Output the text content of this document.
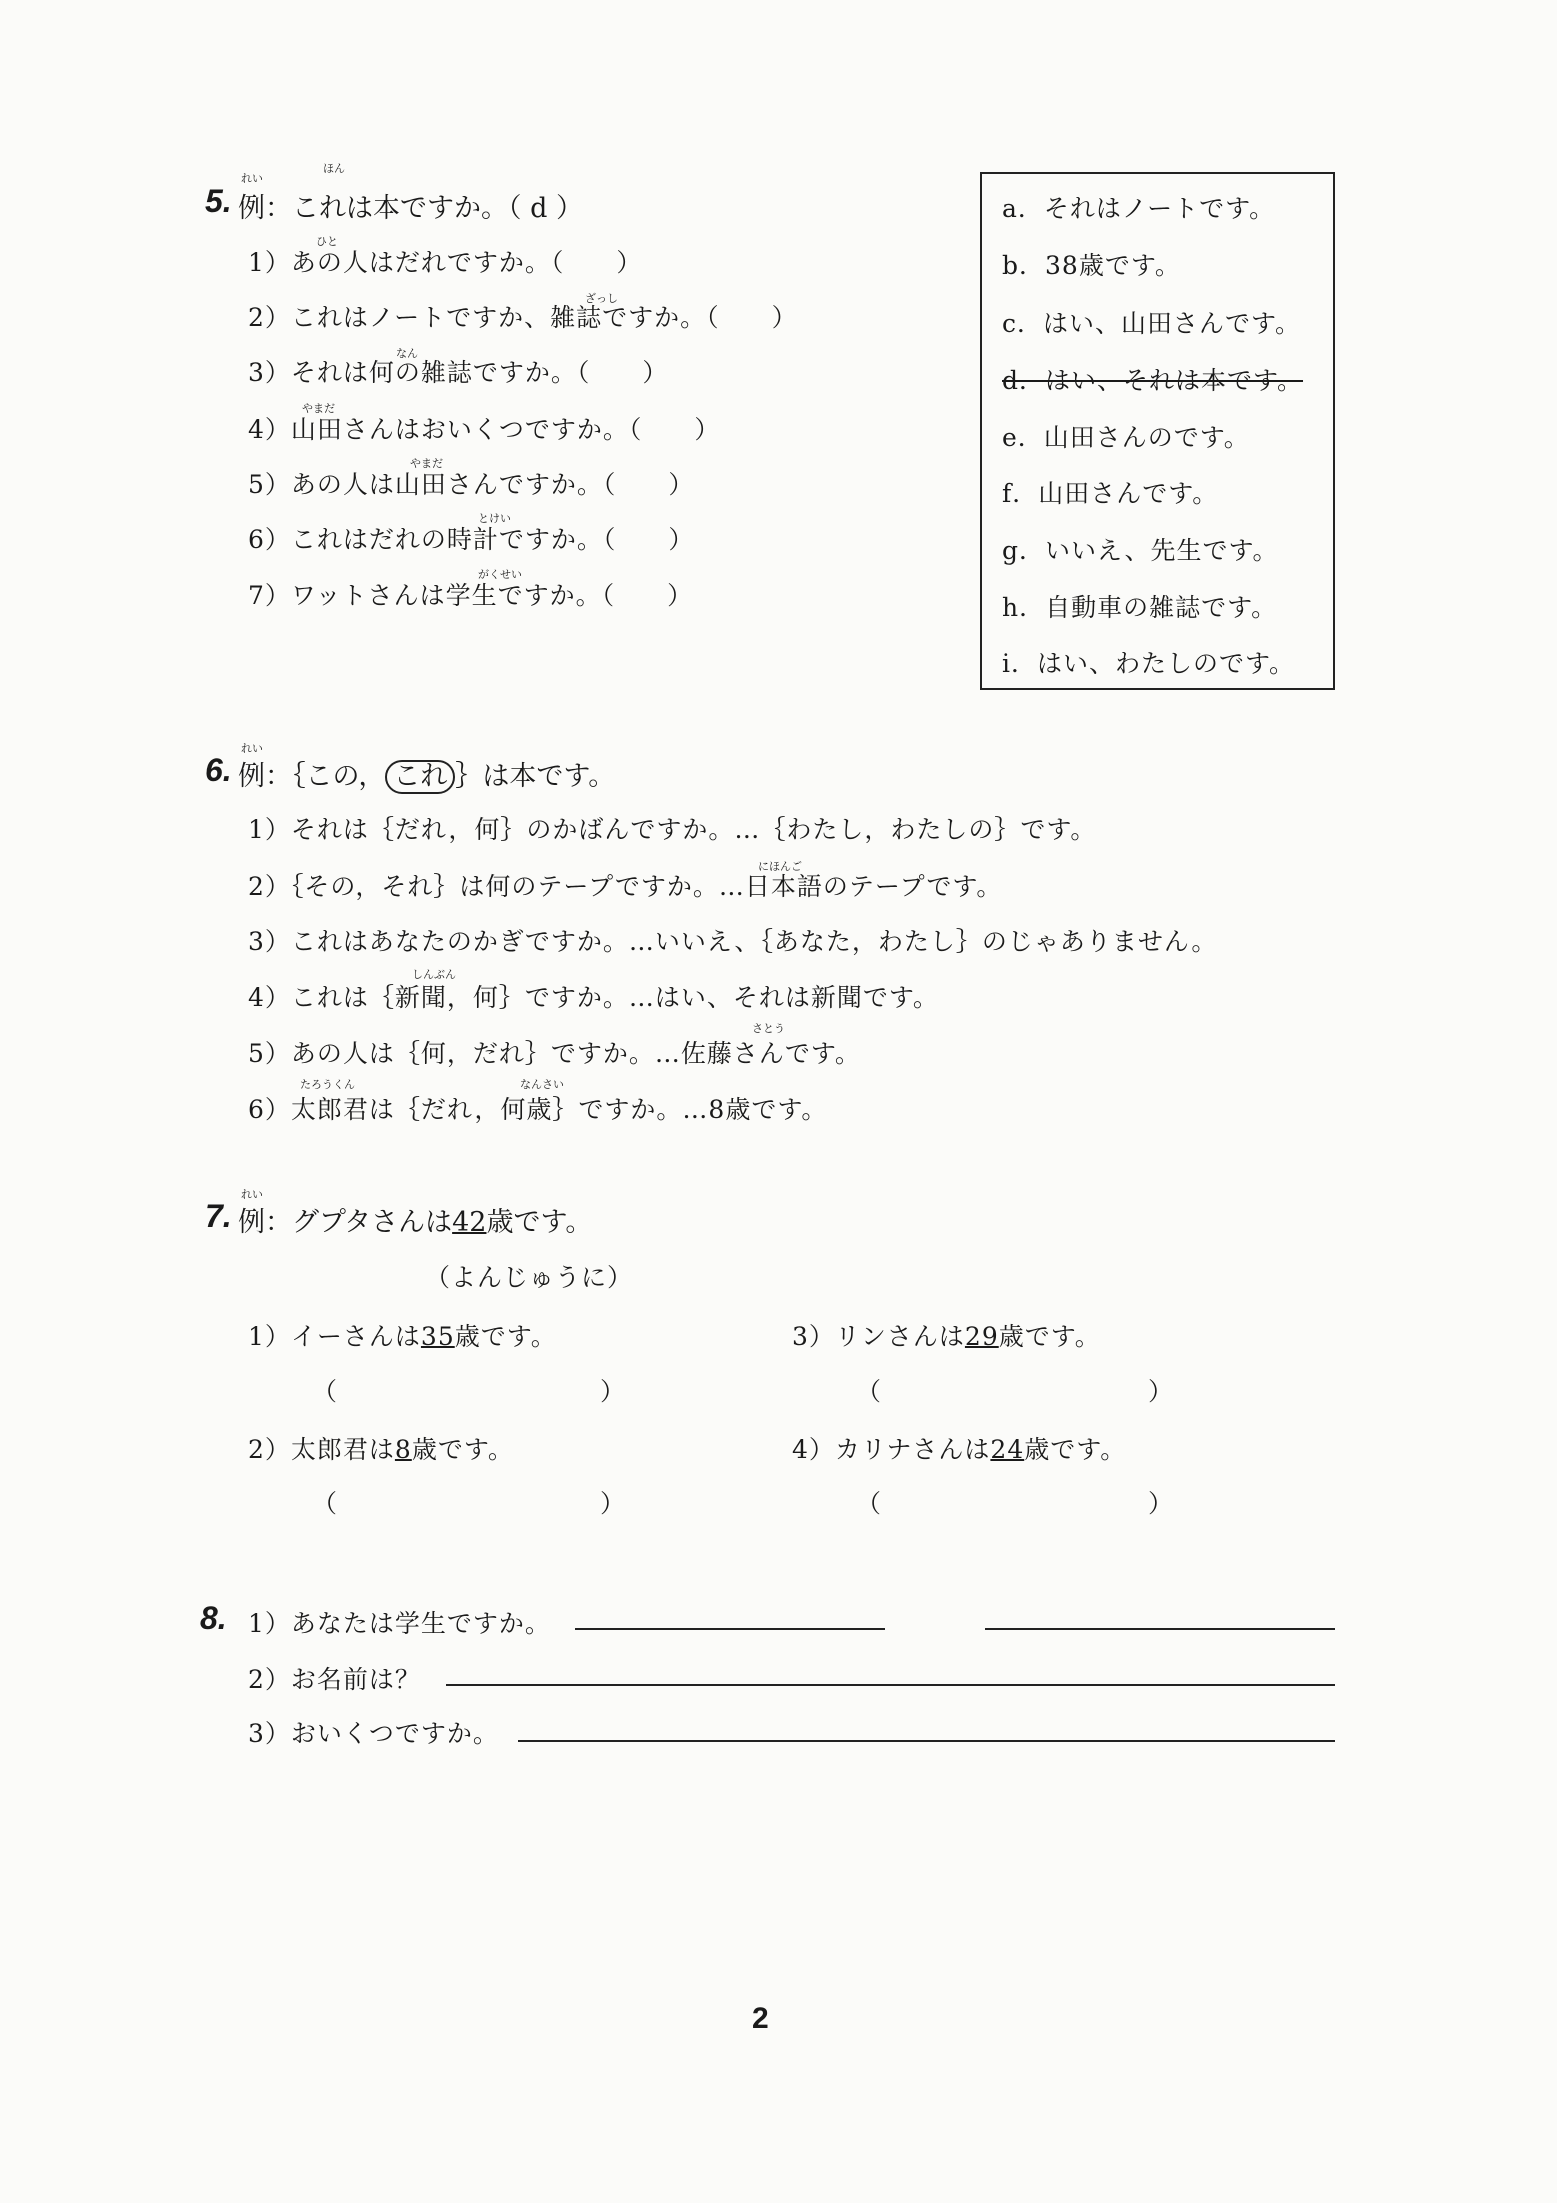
5.
れい
ほん
例：これは本ですか。（ d ）
ひと
1）あの人はだれですか。（　　）
ざっし
2）これはノートですか、雑誌ですか。（　　）
なん
3）それは何の雑誌ですか。（　　）
やまだ
4）山田さんはおいくつですか。（　　）
やまだ
5）あの人は山田さんですか。（　　）
とけい
6）これはだれの時計ですか。（　　）
がくせい
7）ワットさんは学生ですか。（　　）
a．それはノートです。
b．38歳です。
c．はい、山田さんです。
d．はい、それは本です。
e．山田さんのです。
f．山田さんです。
g．いいえ、先生です。
h．自動車の雑誌です。
i．はい、わたしのです。
6.
れい
例：｛この， これ ｝は本です。
1）それは｛だれ，何｝のかばんですか。…｛わたし，わたしの｝です。
にほんご
2）｛その，それ｝は何のテープですか。…日本語のテープです。
3）これはあなたのかぎですか。…いいえ、｛あなた，わたし｝のじゃありません。
しんぶん
4）これは｛新聞，何｝ですか。…はい、それは新聞です。
さとう
5）あの人は｛何，だれ｝ですか。…佐藤さんです。
たろうくん	なんさい
6）太郎君は｛だれ，何歳｝ですか。…8歳です。
7.
れい
例：グプタさんは42歳です。
（よんじゅうに）
1）イーさんは35歳です。
（	）
2）太郎君は8歳です。
（	）
3）リンさんは29歳です。
（	）
4）カリナさんは24歳です。
（	）
8. 1）あなたは学生ですか。
2）お名前は？
3）おいくつですか。
2
